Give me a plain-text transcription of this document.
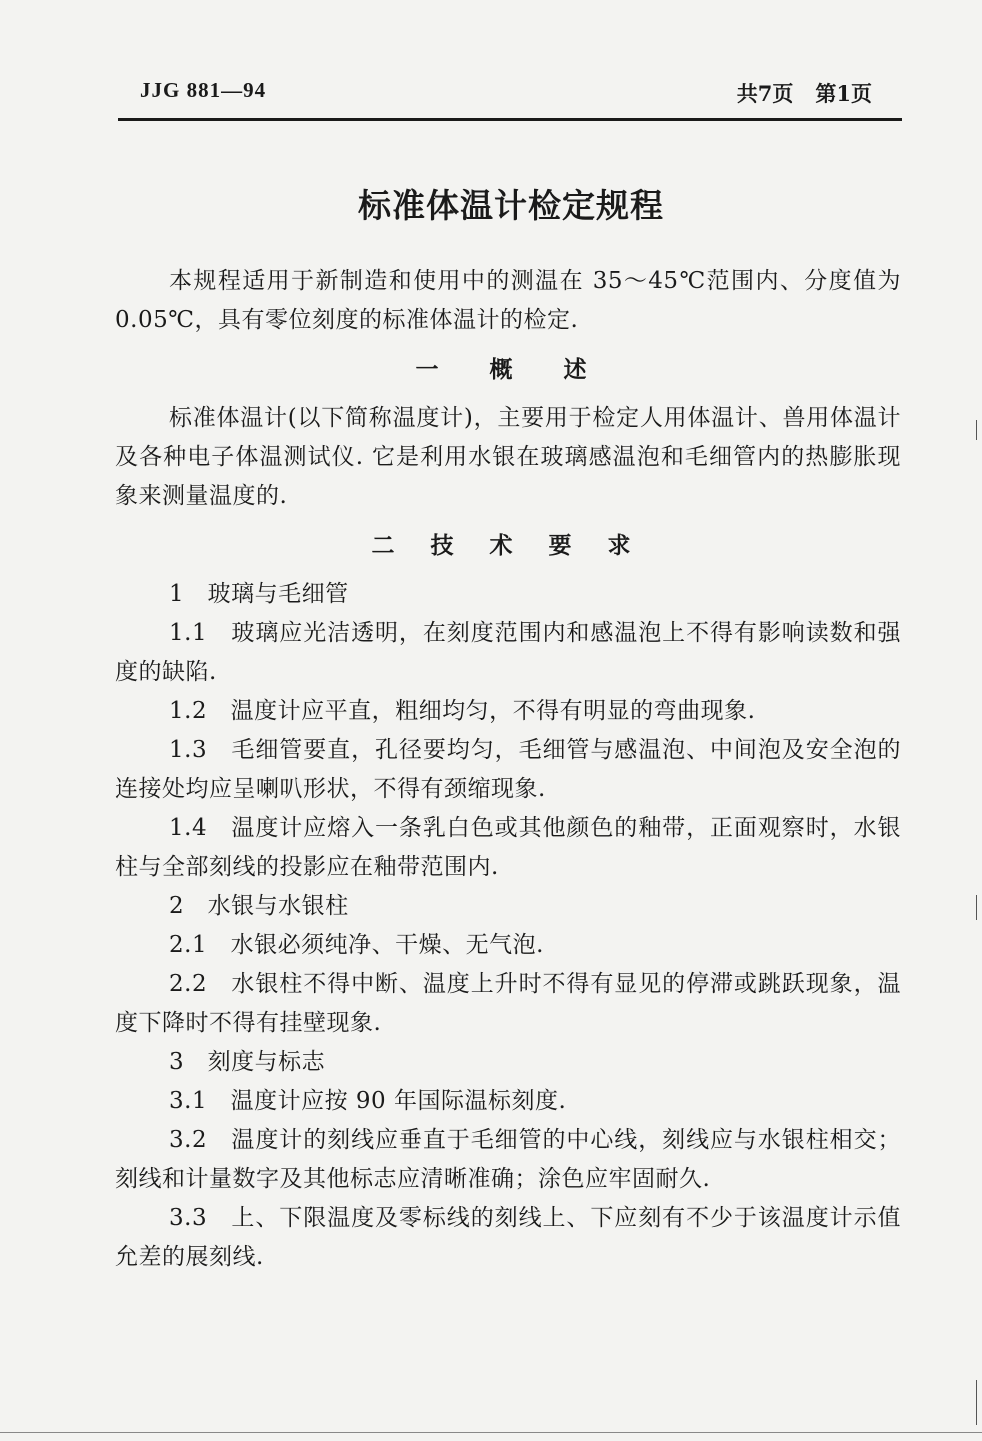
JJG 881—94	共7页 第1页
标准体温计检定规程

本规程适用于新制造和使用中的测温在 35～45℃范围内、分度值为 0.05℃，具有零位刻度的标准体温计的检定.

一　概　述

标准体温计(以下简称温度计)，主要用于检定人用体温计、兽用体温计及各种电子体温测试仪. 它是利用水银在玻璃感温泡和毛细管内的热膨胀现象来测量温度的.

二 技 术 要 求

1　玻璃与毛细管

1.1　玻璃应光洁透明，在刻度范围内和感温泡上不得有影响读数和强度的缺陷.

1.2　温度计应平直，粗细均匀，不得有明显的弯曲现象.

1.3　毛细管要直，孔径要均匀，毛细管与感温泡、中间泡及安全泡的连接处均应呈喇叭形状，不得有颈缩现象.

1.4　温度计应熔入一条乳白色或其他颜色的釉带，正面观察时，水银柱与全部刻线的投影应在釉带范围内.

2　水银与水银柱

2.1　水银必须纯净、干燥、无气泡.

2.2　水银柱不得中断、温度上升时不得有显见的停滞或跳跃现象，温度下降时不得有挂壁现象.

3　刻度与标志

3.1　温度计应按 90 年国际温标刻度.

3.2　温度计的刻线应垂直于毛细管的中心线，刻线应与水银柱相交；刻线和计量数字及其他标志应清晰准确；涂色应牢固耐久.

3.3　上、下限温度及零标线的刻线上、下应刻有不少于该温度计示值允差的展刻线.
